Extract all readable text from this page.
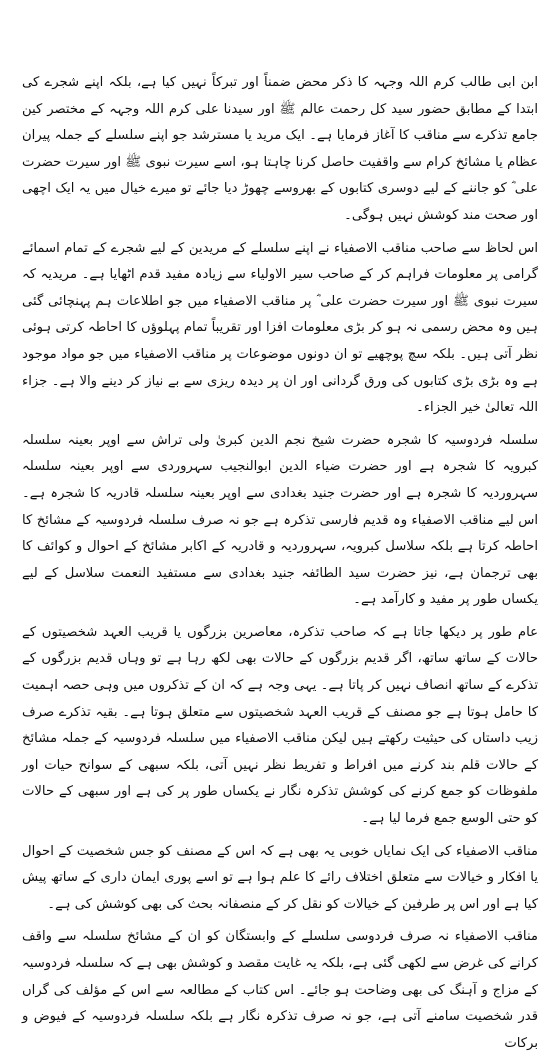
ابن ابی طالب کرم اللہ وجہہ کا ذکر محض ضمناً اور تبرکاً نہیں کیا ہے، بلکہ اپنے شجرے کی ابتدا کے مطابق حضور سید کل رحمت عالم ﷺ اور سیدنا علی کرم اللہ وجہہ کے مختصر کین جامع تذکرے سے مناقب کا آغاز فرمایا ہے۔ ایک مرید یا مسترشد جو اپنے سلسلے کے جملہ پیران عظام یا مشائخ کرام سے واقفیت حاصل کرنا چاہتا ہو، اسے سیرت نبوی ﷺ اور سیرت حضرت علی ؓ کو جاننے کے لیے دوسری کتابوں کے بھروسے چھوڑ دیا جائے تو میرے خیال میں یہ ایک اچھی اور صحت مند کوشش نہیں ہوگی۔

اس لحاظ سے صاحب مناقب الاصفیاء نے اپنے سلسلے کے مریدین کے لیے شجرے کے تمام اسمائے گرامی پر معلومات فراہم کر کے صاحب سیر الاولیاء سے زیادہ مفید قدم اٹھایا ہے۔ مریدیہ کہ سیرت نبوی ﷺ اور سیرت حضرت علی ؓ پر مناقب الاصفیاء میں جو اطلاعات ہم پہنچائی گئی ہیں وہ محض رسمی نہ ہو کر بڑی معلومات افزا اور تقریباً تمام پہلوؤں کا احاطہ کرتی ہوئی نظر آتی ہیں۔ بلکہ سچ پوچھیے تو ان دونوں موضوعات پر مناقب الاصفیاء میں جو مواد موجود ہے وہ بڑی بڑی کتابوں کی ورق گردانی اور ان پر دیدہ ریزی سے بے نیاز کر دینے والا ہے۔ جزاء اللہ تعالیٰ خیر الجزاء۔

سلسلہ فردوسیہ کا شجرہ حضرت شیخ نجم الدین کبریٰ ولی تراش سے اوپر بعینہ سلسلہ کبرویہ کا شجرہ ہے اور حضرت ضیاء الدین ابوالنجیب سہروردی سے اوپر بعینہ سلسلہ سہروردیہ کا شجرہ ہے اور حضرت جنید بغدادی سے اوپر بعینہ سلسلہ قادریہ کا شجرہ ہے۔ اس لیے مناقب الاصفیاء وہ قدیم فارسی تذکرہ ہے جو نہ صرف سلسلہ فردوسیہ کے مشائخ کا احاطہ کرتا ہے بلکہ سلاسل کبرویہ، سہروردیہ و قادریہ کے اکابر مشائخ کے احوال و کوائف کا بھی ترجمان ہے، نیز حضرت سید الطائفہ جنید بغدادی سے مستفید النعمت سلاسل کے لیے یکساں طور پر مفید و کارآمد ہے۔

عام طور پر دیکھا جاتا ہے کہ صاحب تذکرہ، معاصرین بزرگوں یا قریب العہد شخصیتوں کے حالات کے ساتھ ساتھ، اگر قدیم بزرگوں کے حالات بھی لکھ رہا ہے تو وہاں قدیم بزرگوں کے تذکرے کے ساتھ انصاف نہیں کر پاتا ہے۔ یہی وجہ ہے کہ ان کے تذکروں میں وہی حصہ اہمیت کا حامل ہوتا ہے جو مصنف کے قریب العہد شخصیتوں سے متعلق ہوتا ہے۔ بقیہ تذکرے صرف زیب داستاں کی حیثیت رکھتے ہیں لیکن مناقب الاصفیاء میں سلسلہ فردوسیہ کے جملہ مشائخ کے حالات قلم بند کرنے میں افراط و تفریط نظر نہیں آتی، بلکہ سبھی کے سوانح حیات اور ملفوظات کو جمع کرنے کی کوشش تذکرہ نگار نے یکساں طور پر کی ہے اور سبھی کے حالات کو حتی الوسع جمع فرما لیا ہے۔

مناقب الاصفیاء کی ایک نمایاں خوبی یہ بھی ہے کہ اس کے مصنف کو جس شخصیت کے احوال یا افکار و خیالات سے متعلق اختلاف رائے کا علم ہوا ہے تو اسے پوری ایمان داری کے ساتھ پیش کیا ہے اور اس پر طرفین کے خیالات کو نقل کر کے منصفانہ بحث کی بھی کوشش کی ہے۔

مناقب الاصفیاء نہ صرف فردوسی سلسلے کے وابستگان کو ان کے مشائخ سلسلہ سے واقف کرانے کی غرض سے لکھی گئی ہے، بلکہ یہ غایت مقصد و کوشش بھی ہے کہ سلسلہ فردوسیہ کے مزاج و آہنگ کی بھی وضاحت ہو جائے۔ اس کتاب کے مطالعہ سے اس کے مؤلف کی گراں قدر شخصیت سامنے آتی ہے، جو نہ صرف تذکرہ نگار ہے بلکہ سلسلہ فردوسیہ کے فیوض و برکات
